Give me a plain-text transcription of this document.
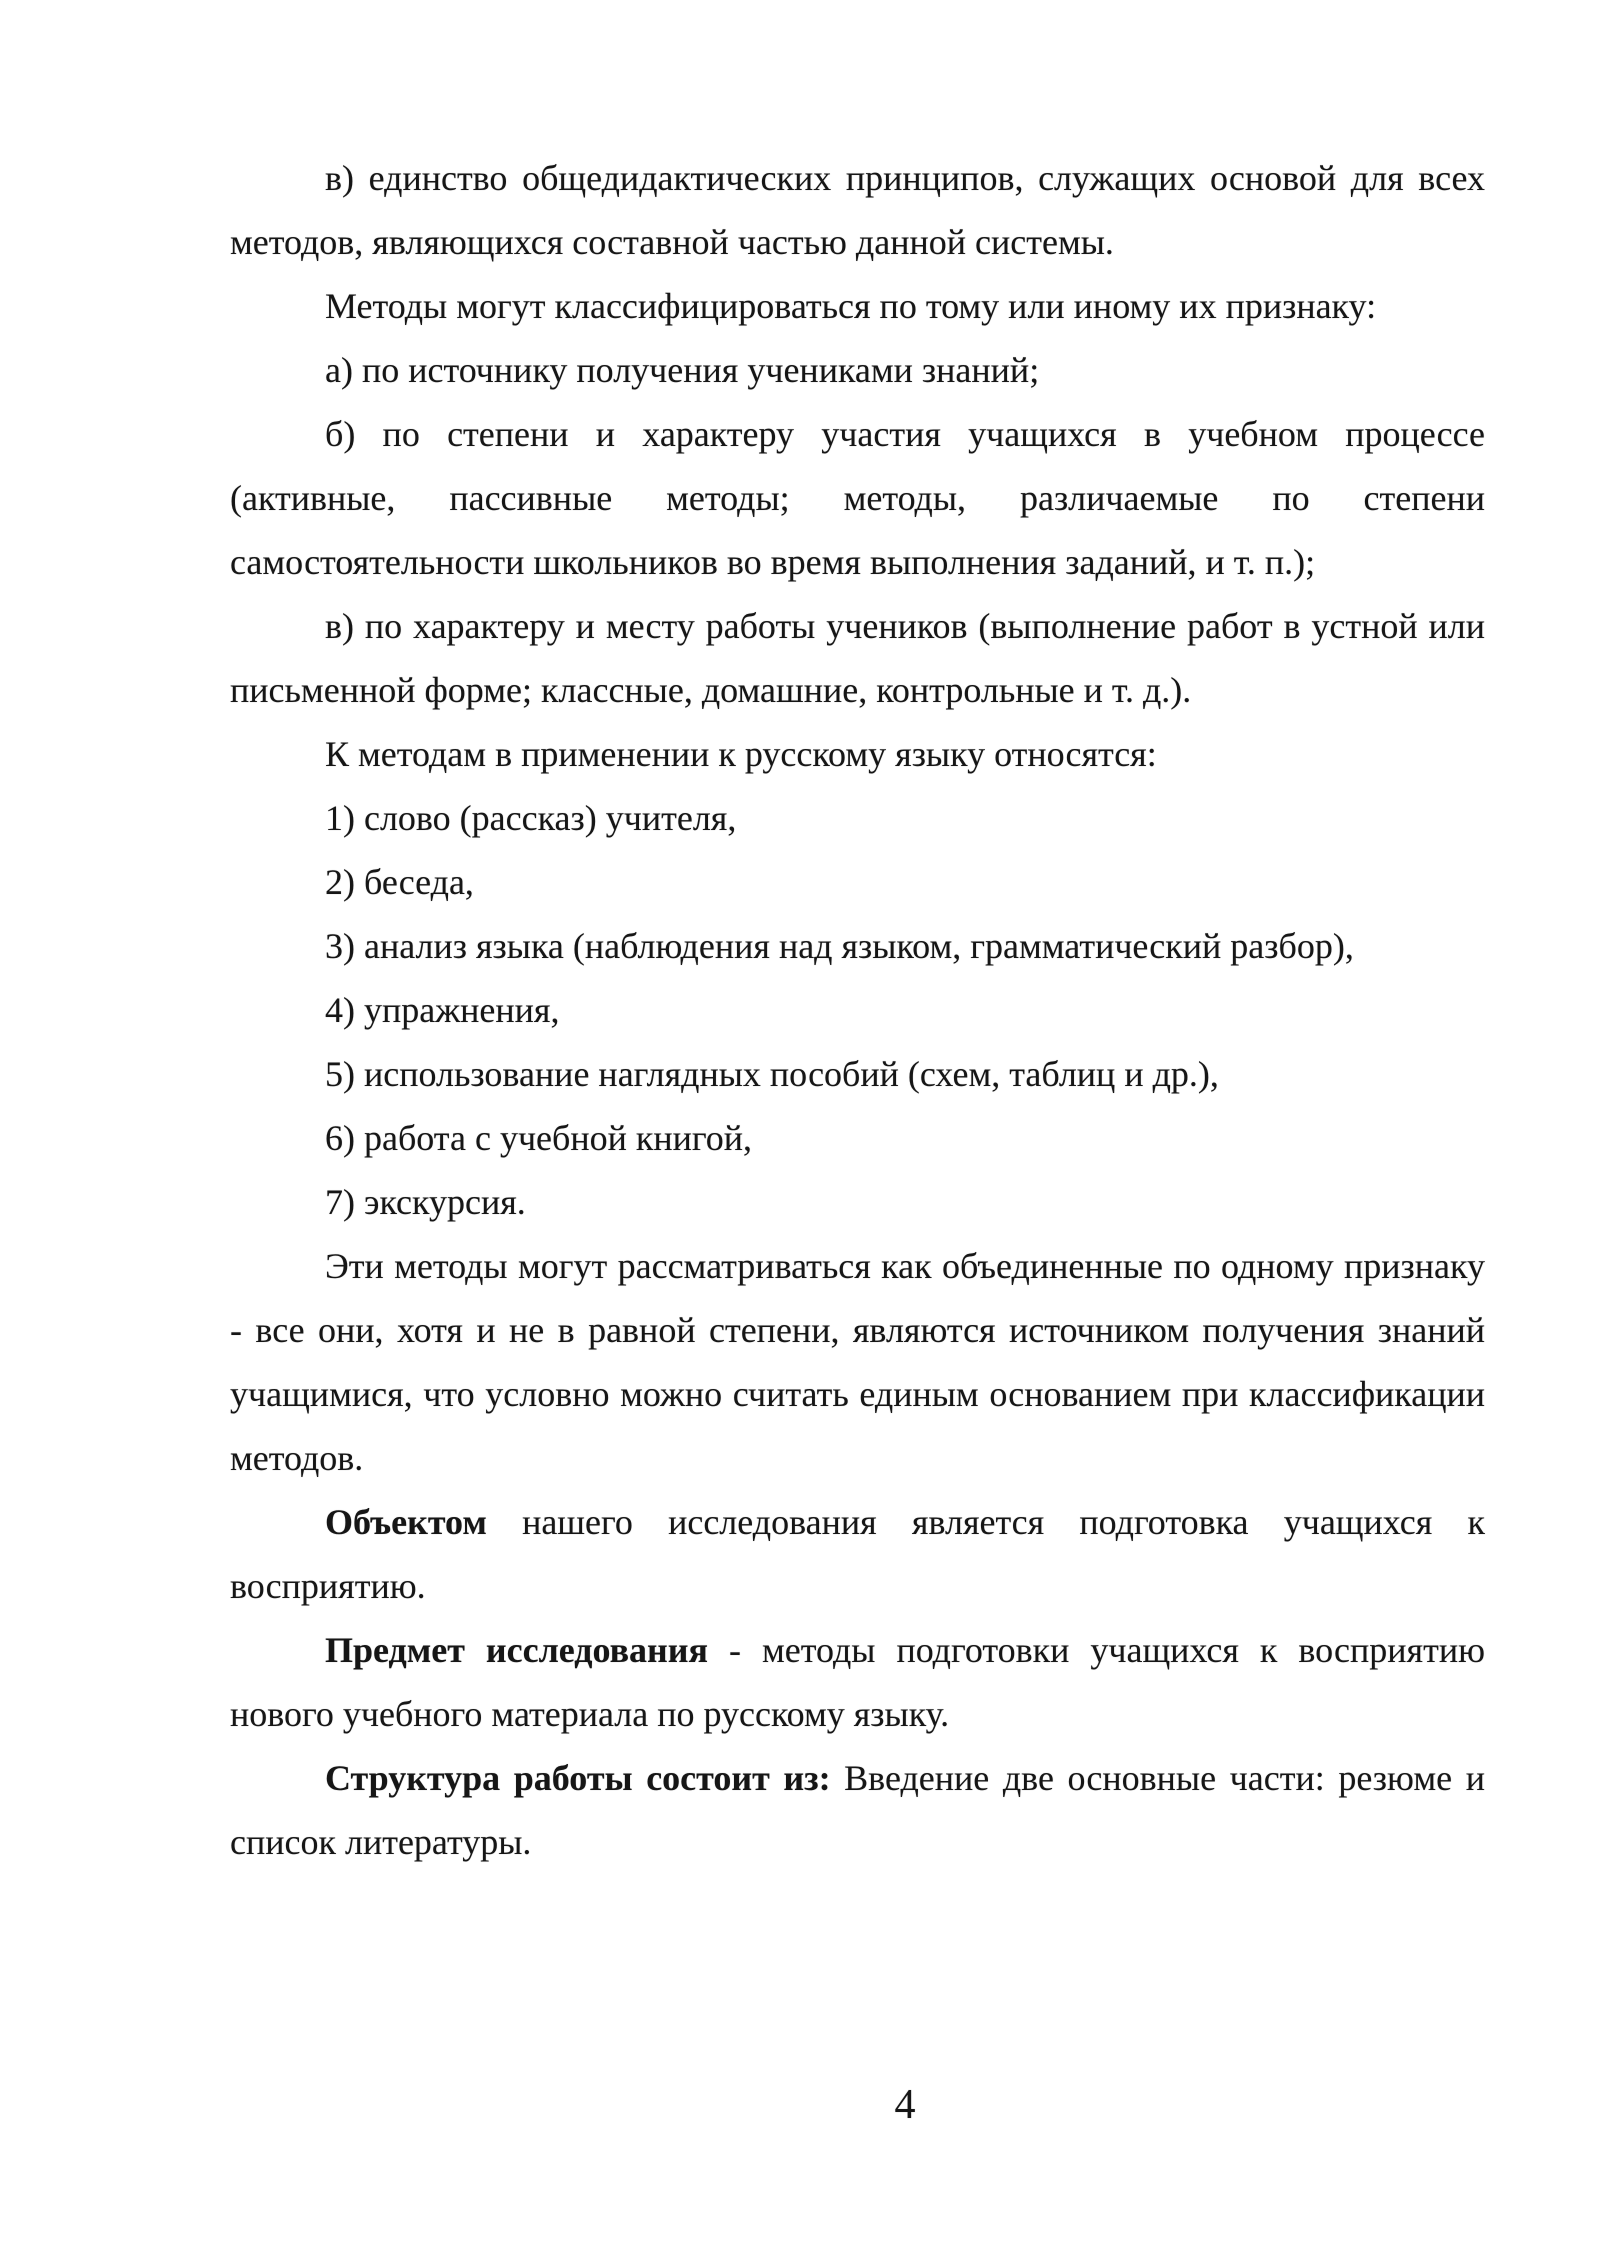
в) единство общедидактических принципов, служащих основой для всех методов, являющихся составной частью данной системы.

Методы могут классифицироваться по тому или иному их признаку:

а) по источнику получения учениками знаний;

б) по степени и характеру участия учащихся в учебном процессе (активные, пассивные методы; методы, различаемые по степени самостоятельности школьников во время выполнения заданий, и т. п.);

в) по характеру и месту работы учеников (выполнение работ в устной или письменной форме; классные, домашние, контрольные и т. д.).

К методам в применении к русскому языку относятся:

1) слово (рассказ) учителя,

2) беседа,

3) анализ языка (наблюдения над языком, грамматический разбор),

4) упражнения,

5) использование наглядных пособий (схем, таблиц и др.),

6) работа с учебной книгой,

7) экскурсия.

Эти методы могут рассматриваться как объединенные по одному признаку - все они, хотя и не в равной степени, являются источником получения знаний учащимися, что условно можно считать единым основанием при классификации методов.

Объектом нашего исследования является подготовка учащихся к восприятию.

Предмет исследования - методы подготовки учащихся к восприятию нового учебного материала по русскому языку.

Структура работы состоит из: Введение две основные части: резюме и список литературы.

4
